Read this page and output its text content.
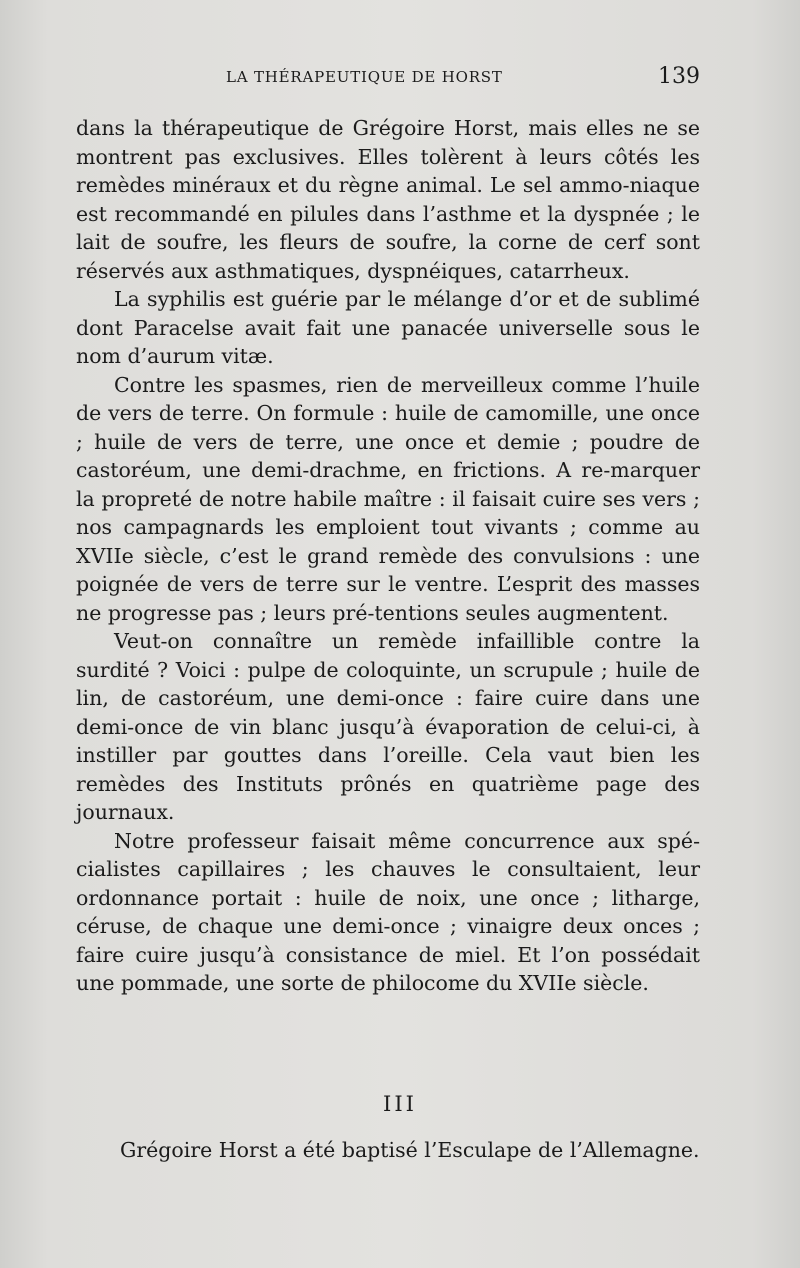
LA THÉRAPEUTIQUE DE HORST	139

dans la thérapeutique de Grégoire Horst, mais elles ne se montrent pas exclusives. Elles tolèrent à leurs côtés les remèdes minéraux et du règne animal. Le sel ammo-niaque est recommandé en pilules dans l’asthme et la dyspnée ; le lait de soufre, les fleurs de soufre, la corne de cerf sont réservés aux asthmatiques, dyspnéiques, catarrheux.

La syphilis est guérie par le mélange d’or et de sublimé dont Paracelse avait fait une panacée universelle sous le nom d’aurum vitæ.

Contre les spasmes, rien de merveilleux comme l’huile de vers de terre. On formule : huile de camomille, une once ; huile de vers de terre, une once et demie ; poudre de castoréum, une demi-drachme, en frictions. A re-marquer la propreté de notre habile maître : il faisait cuire ses vers ; nos campagnards les emploient tout vivants ; comme au XVIIe siècle, c’est le grand remède des convulsions : une poignée de vers de terre sur le ventre. L’esprit des masses ne progresse pas ; leurs pré-tentions seules augmentent.

Veut-on connaître un remède infaillible contre la surdité ? Voici : pulpe de coloquinte, un scrupule ; huile de lin, de castoréum, une demi-once : faire cuire dans une demi-once de vin blanc jusqu’à évaporation de celui-ci, à instiller par gouttes dans l’oreille. Cela vaut bien les remèdes des Instituts prônés en quatrième page des journaux.

Notre professeur faisait même concurrence aux spé-cialistes capillaires ; les chauves le consultaient, leur ordonnance portait : huile de noix, une once ; litharge, céruse, de chaque une demi-once ; vinaigre deux onces ; faire cuire jusqu’à consistance de miel. Et l’on possédait une pommade, une sorte de philocome du XVIIe siècle.

III
Grégoire Horst a été baptisé l’Esculape de l’Allemagne.
